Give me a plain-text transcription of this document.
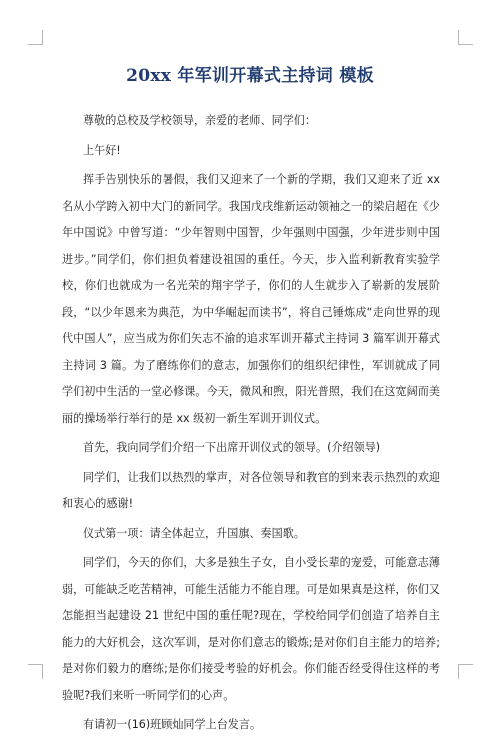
20xx 年军训开幕式主持词 模板

尊敬的总校及学校领导，亲爱的老师、同学们：

上午好!

挥手告别快乐的暑假，我们又迎来了一个新的学期，我们又迎来了近 xx 名从小学跨入初中大门的新同学。我国戊戌维新运动领袖之一的梁启超在《少年中国说》中曾写道：“少年智则中国智，少年强则中国强，少年进步则中国进步。”同学们，你们担负着建设祖国的重任。今天，步入监利新教育实验学校，你们也就成为一名光荣的翔宇学子，你们的人生就步入了崭新的发展阶段，“以少年恩来为典范，为中华崛起而读书”，将自己锤炼成“走向世界的现代中国人”，应当成为你们矢志不渝的追求军训开幕式主持词 3 篇军训开幕式主持词 3 篇。为了磨练你们的意志，加强你们的组织纪律性，军训就成了同学们初中生活的一堂必修课。今天，微风和煦，阳光普照，我们在这宽阔而美丽的操场举行举行的是 xx 级初一新生军训开训仪式。

首先，我向同学们介绍一下出席开训仪式的领导。(介绍领导)

同学们，让我们以热烈的掌声，对各位领导和教官的到来表示热烈的欢迎和衷心的感谢!

仪式第一项：请全体起立，升国旗、奏国歌。

同学们，今天的你们，大多是独生子女，自小受长辈的宠爱，可能意志薄弱，可能缺乏吃苦精神，可能生活能力不能自理。可是如果真是这样，你们又怎能担当起建设 21 世纪中国的重任呢?现在，学校给同学们创造了培养自主能力的大好机会，这次军训，是对你们意志的锻炼;是对你们自主能力的培养;是对你们毅力的磨练;是你们接受考验的好机会。你们能否经受得住这样的考验呢?我们来听一听同学们的心声。

有请初一(16)班顾灿同学上台发言。
